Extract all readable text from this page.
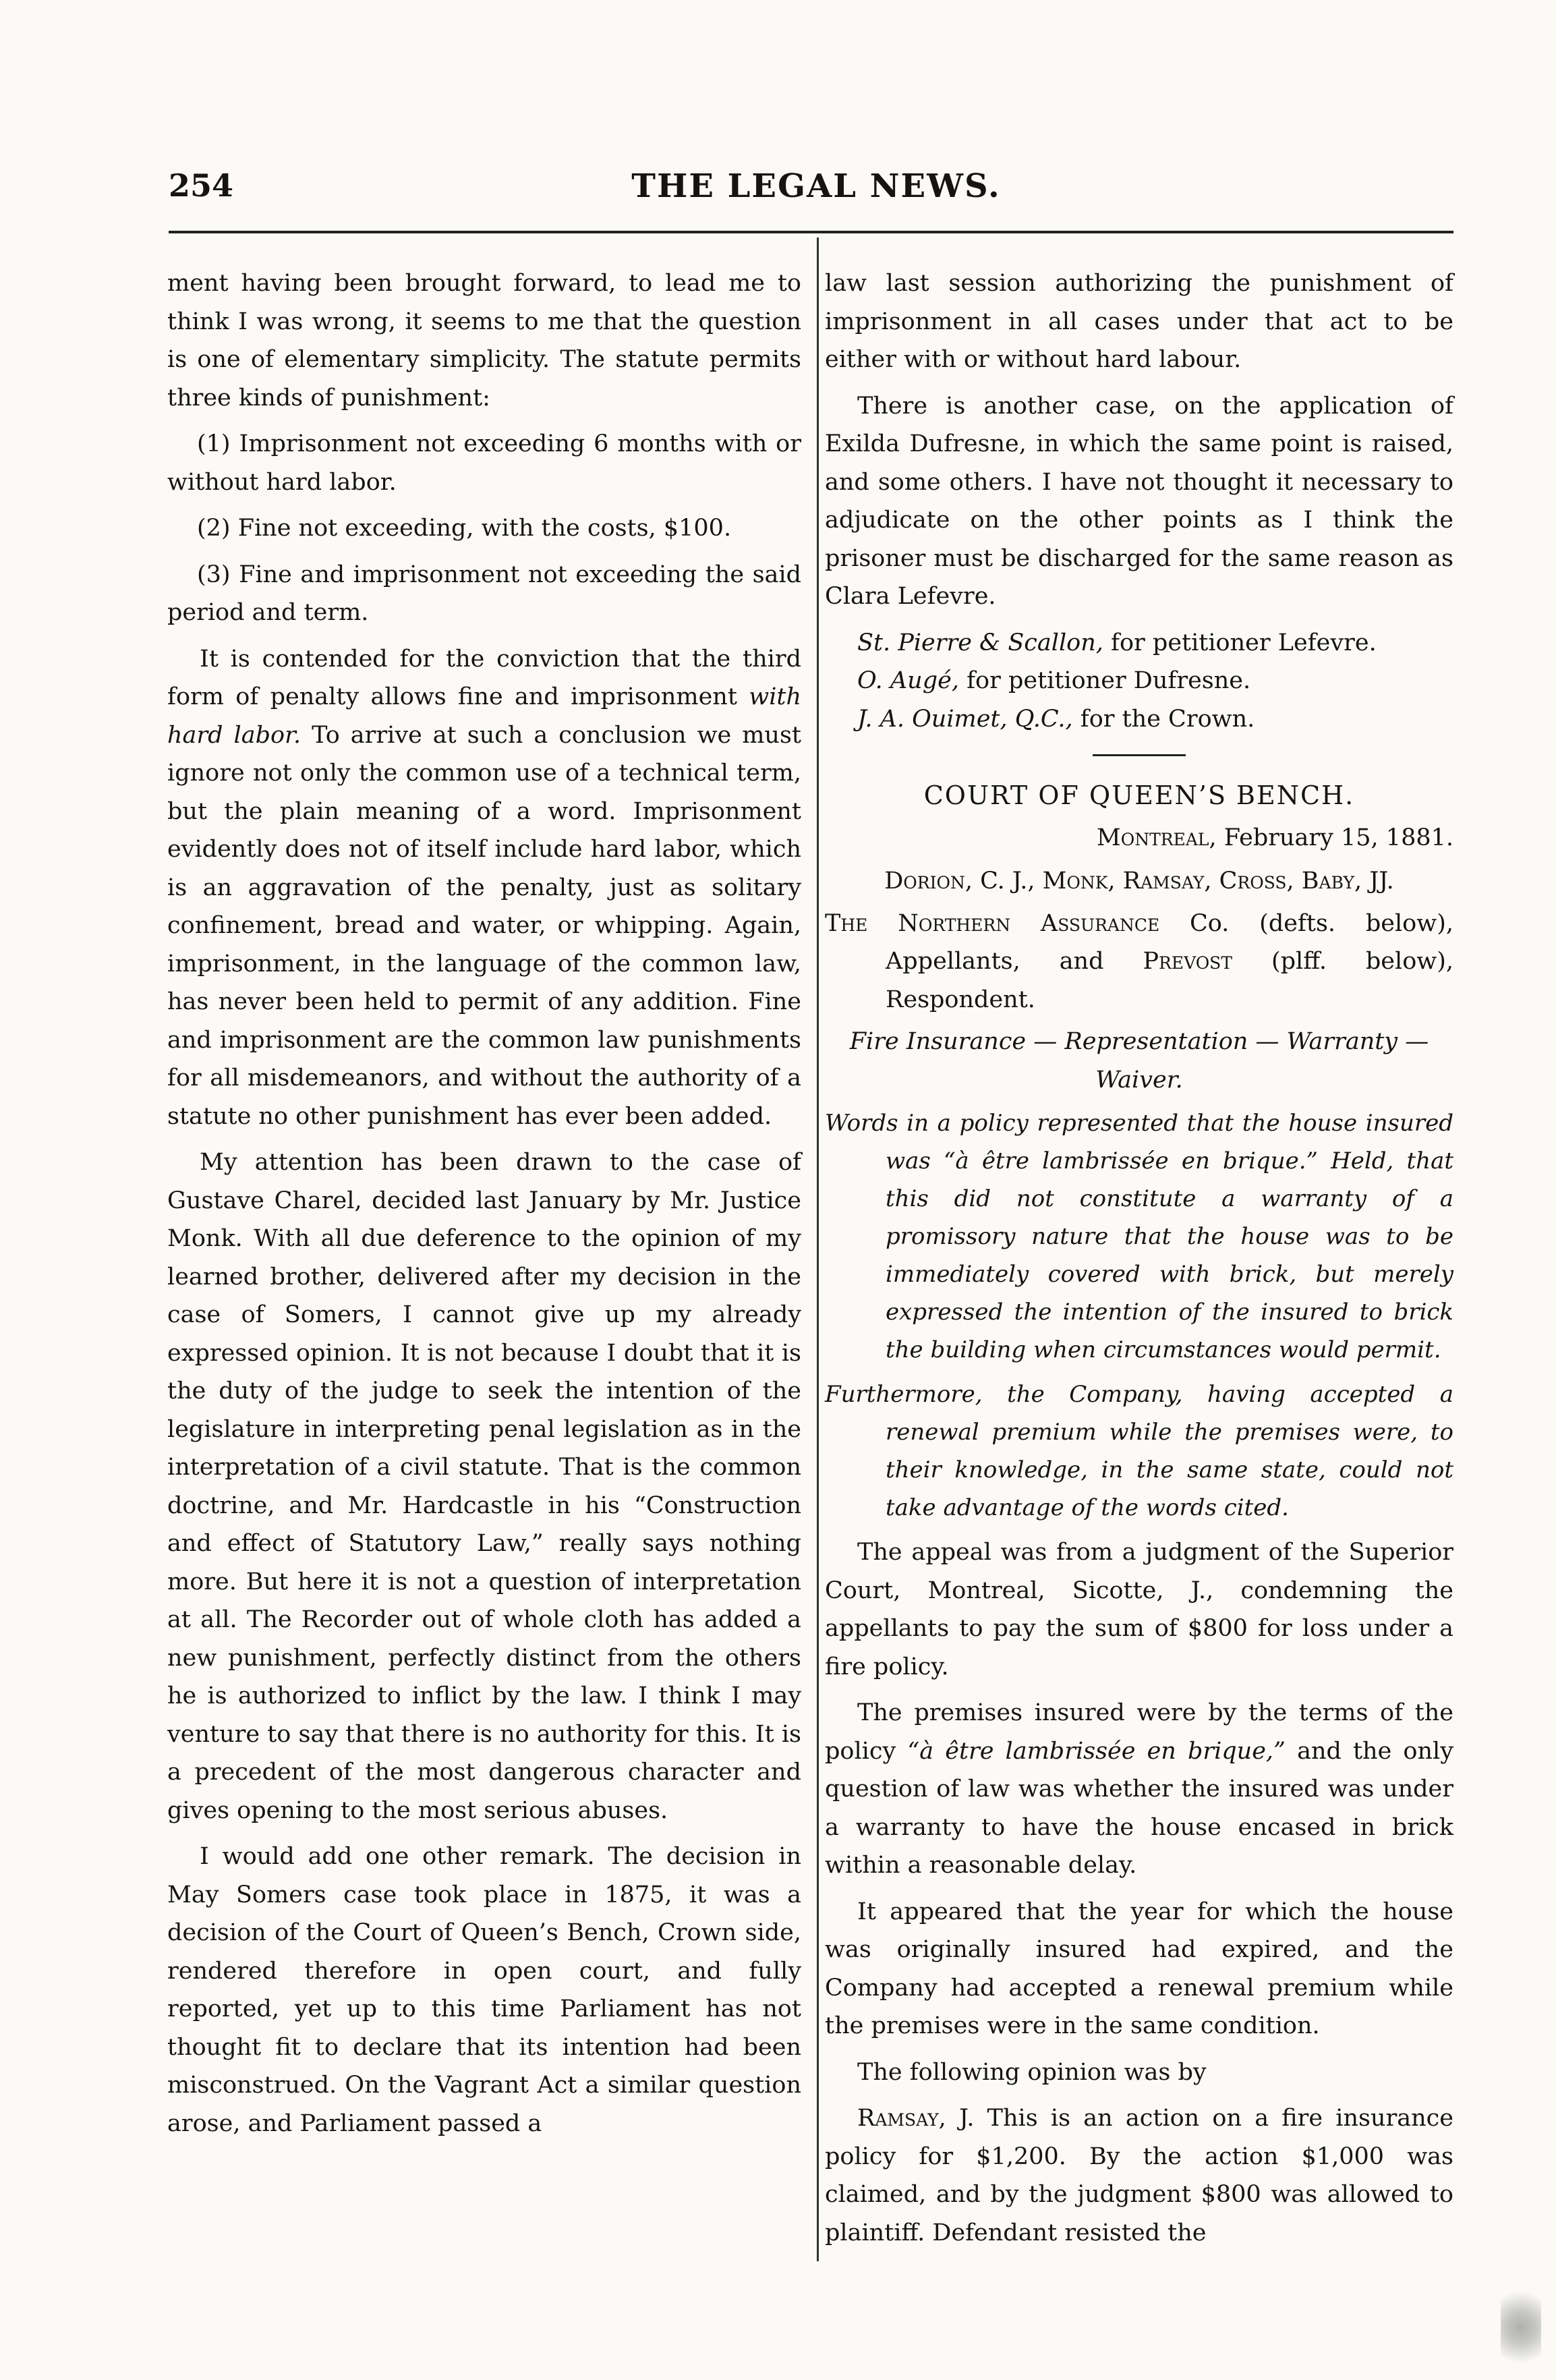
254	THE LEGAL NEWS.

ment having been brought forward, to lead me to think I was wrong, it seems to me that the question is one of elementary simplicity. The statute permits three kinds of punishment:

(1) Imprisonment not exceeding 6 months with or without hard labor.

(2) Fine not exceeding, with the costs, $100.

(3) Fine and imprisonment not exceeding the said period and term.

It is contended for the conviction that the third form of penalty allows fine and imprisonment with hard labor. To arrive at such a conclusion we must ignore not only the common use of a technical term, but the plain meaning of a word. Imprisonment evidently does not of itself include hard labor, which is an aggravation of the penalty, just as solitary confinement, bread and water, or whipping. Again, imprisonment, in the language of the common law, has never been held to permit of any addition. Fine and imprisonment are the common law punishments for all misdemeanors, and without the authority of a statute no other punishment has ever been added.

My attention has been drawn to the case of Gustave Charel, decided last January by Mr. Justice Monk. With all due deference to the opinion of my learned brother, delivered after my decision in the case of Somers, I cannot give up my already expressed opinion. It is not because I doubt that it is the duty of the judge to seek the intention of the legislature in interpreting penal legislation as in the interpretation of a civil statute. That is the common doctrine, and Mr. Hardcastle in his “Construction and effect of Statutory Law,” really says nothing more. But here it is not a question of interpretation at all. The Recorder out of whole cloth has added a new punishment, perfectly distinct from the others he is authorized to inflict by the law. I think I may venture to say that there is no authority for this. It is a precedent of the most dangerous character and gives opening to the most serious abuses.

I would add one other remark. The decision in May Somers case took place in 1875, it was a decision of the Court of Queen’s Bench, Crown side, rendered therefore in open court, and fully reported, yet up to this time Parliament has not thought fit to declare that its intention had been misconstrued. On the Vagrant Act a similar question arose, and Parliament passed a

law last session authorizing the punishment of imprisonment in all cases under that act to be either with or without hard labour.

There is another case, on the application of Exilda Dufresne, in which the same point is raised, and some others. I have not thought it necessary to adjudicate on the other points as I think the prisoner must be discharged for the same reason as Clara Lefevre.

St. Pierre & Scallon, for petitioner Lefevre.
O. Augé, for petitioner Dufresne.
J. A. Ouimet, Q.C., for the Crown.
COURT OF QUEEN’S BENCH.
Montreal, February 15, 1881.
Dorion, C. J., Monk, Ramsay, Cross, Baby, JJ.

The Northern Assurance Co. (defts. below), Appellants, and Prevost (plff. below), Respondent.

Fire Insurance — Representation — Warranty — Waiver.

Words in a policy represented that the house insured was “à être lambrissée en brique.” Held, that this did not constitute a warranty of a promissory nature that the house was to be immediately covered with brick, but merely expressed the intention of the insured to brick the building when circumstances would permit.

Furthermore, the Company, having accepted a renewal premium while the premises were, to their knowledge, in the same state, could not take advantage of the words cited.

The appeal was from a judgment of the Superior Court, Montreal, Sicotte, J., condemning the appellants to pay the sum of $800 for loss under a fire policy.

The premises insured were by the terms of the policy “à être lambrissée en brique,” and the only question of law was whether the insured was under a warranty to have the house encased in brick within a reasonable delay.

It appeared that the year for which the house was originally insured had expired, and the Company had accepted a renewal premium while the premises were in the same condition.

The following opinion was by

Ramsay, J. This is an action on a fire insurance policy for $1,200. By the action $1,000 was claimed, and by the judgment $800 was allowed to plaintiff. Defendant resisted the
